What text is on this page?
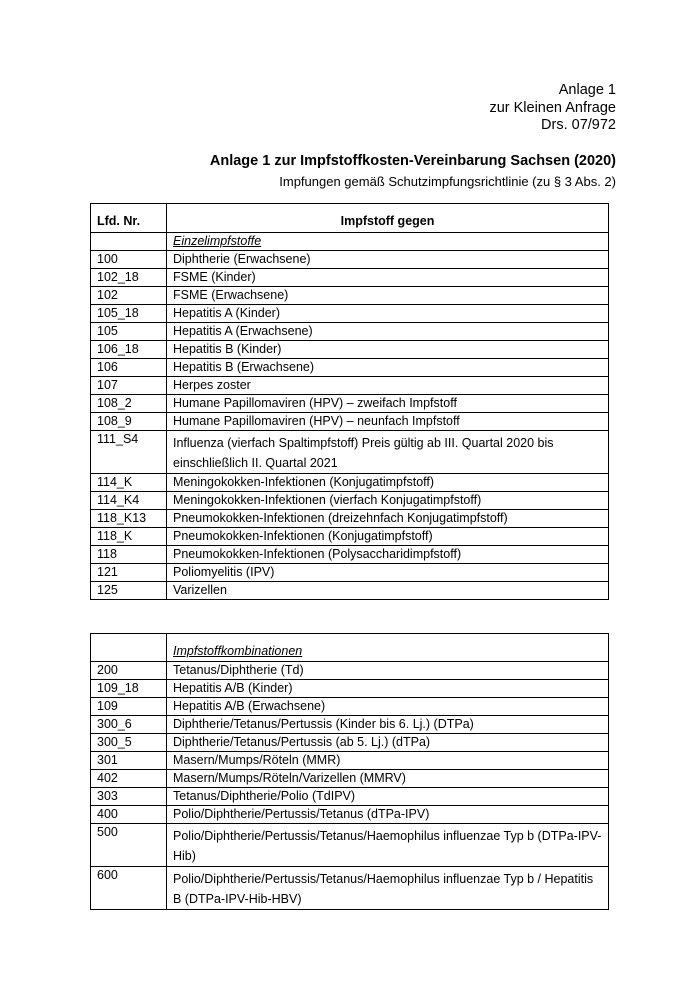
Anlage 1
zur Kleinen Anfrage
Drs. 07/972
Anlage 1 zur Impfstoffkosten-Vereinbarung Sachsen (2020)
Impfungen gemäß Schutzimpfungsrichtlinie (zu § 3 Abs. 2)
Lfd. Nr.	Impfstoff gegen
	Einzelimpfstoffe
100	Diphtherie (Erwachsene)
102_18	FSME (Kinder)
102	FSME (Erwachsene)
105_18	Hepatitis A (Kinder)
105	Hepatitis A (Erwachsene)
106_18	Hepatitis B (Kinder)
106	Hepatitis B (Erwachsene)
107	Herpes zoster
108_2	Humane Papillomaviren (HPV) – zweifach Impfstoff
108_9	Humane Papillomaviren (HPV) – neunfach Impfstoff
111_S4	Influenza (vierfach Spaltimpfstoff) Preis gültig ab III. Quartal 2020 bis einschließlich II. Quartal 2021

114_K	Meningokokken-Infektionen (Konjugatimpfstoff)
114_K4	Meningokokken-Infektionen (vierfach Konjugatimpfstoff)
118_K13	Pneumokokken-Infektionen (dreizehnfach Konjugatimpfstoff)
118_K	Pneumokokken-Infektionen (Konjugatimpfstoff)
118	Pneumokokken-Infektionen (Polysaccharidimpfstoff)
121	Poliomyelitis (IPV)
125	Varizellen
	Impfstoffkombinationen
200	Tetanus/Diphtherie (Td)
109_18	Hepatitis A/B (Kinder)
109	Hepatitis A/B (Erwachsene)
300_6	Diphtherie/Tetanus/Pertussis (Kinder bis 6. Lj.) (DTPa)
300_5	Diphtherie/Tetanus/Pertussis (ab 5. Lj.) (dTPa)
301	Masern/Mumps/Röteln (MMR)
402	Masern/Mumps/Röteln/Varizellen (MMRV)
303	Tetanus/Diphtherie/Polio (TdIPV)
400	Polio/Diphtherie/Pertussis/Tetanus (dTPa-IPV)
500	Polio/Diphtherie/Pertussis/Tetanus/Haemophilus influenzae Typ b (DTPa-IPV-Hib)

600	Polio/Diphtherie/Pertussis/Tetanus/Haemophilus influenzae Typ b / Hepatitis B (DTPa-IPV-Hib-HBV)
